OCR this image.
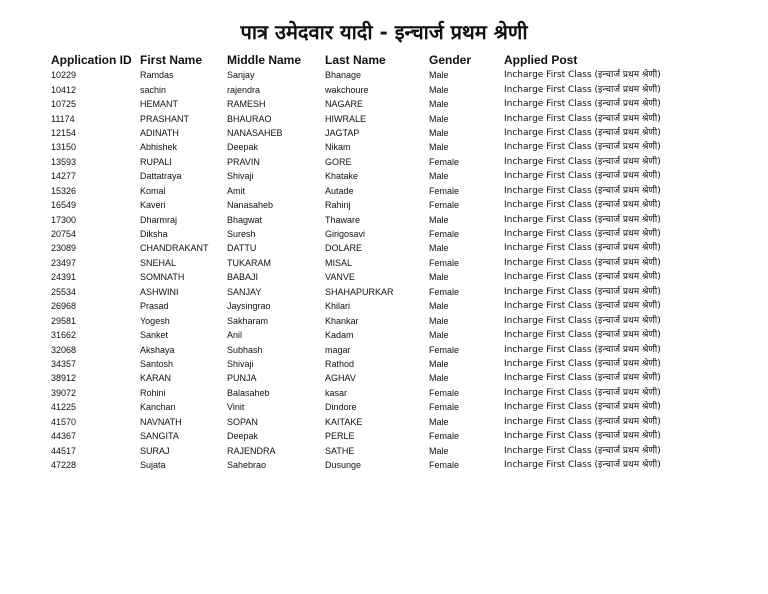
पात्र उमेदवार यादी - इन्चार्ज प्रथम श्रेणी
Application ID	First Name	Middle Name	Last Name	Gender	Applied Post
10229	Ramdas	Sanjay	Bhanage	Male	Incharge First Class (इन्चार्ज प्रथम श्रेणी)
10412	sachin	rajendra	wakchoure	Male	Incharge First Class (इन्चार्ज प्रथम श्रेणी)
10725	HEMANT	RAMESH	NAGARE	Male	Incharge First Class (इन्चार्ज प्रथम श्रेणी)
11174	PRASHANT	BHAURAO	HIWRALE	Male	Incharge First Class (इन्चार्ज प्रथम श्रेणी)
12154	ADINATH	NANASAHEB	JAGTAP	Male	Incharge First Class (इन्चार्ज प्रथम श्रेणी)
13150	Abhishek	Deepak	Nikam	Male	Incharge First Class (इन्चार्ज प्रथम श्रेणी)
13593	RUPALI	PRAVIN	GORE	Female	Incharge First Class (इन्चार्ज प्रथम श्रेणी)
14277	Dattatraya	Shivaji	Khatake	Male	Incharge First Class (इन्चार्ज प्रथम श्रेणी)
15326	Komal	Amit	Autade	Female	Incharge First Class (इन्चार्ज प्रथम श्रेणी)
16549	Kaveri	Nanasaheb	Rahinj	Female	Incharge First Class (इन्चार्ज प्रथम श्रेणी)
17300	Dharmraj	Bhagwat	Thaware	Male	Incharge First Class (इन्चार्ज प्रथम श्रेणी)
20754	Diksha	Suresh	Girigosavi	Female	Incharge First Class (इन्चार्ज प्रथम श्रेणी)
23089	CHANDRAKANT	DATTU	DOLARE	Male	Incharge First Class (इन्चार्ज प्रथम श्रेणी)
23497	SNEHAL	TUKARAM	MISAL	Female	Incharge First Class (इन्चार्ज प्रथम श्रेणी)
24391	SOMNATH	BABAJI	VANVE	Male	Incharge First Class (इन्चार्ज प्रथम श्रेणी)
25534	ASHWINI	SANJAY	SHAHAPURKAR	Female	Incharge First Class (इन्चार्ज प्रथम श्रेणी)
26968	Prasad	Jaysingrao	Khilari	Male	Incharge First Class (इन्चार्ज प्रथम श्रेणी)
29581	Yogesh	Sakharam	Khankar	Male	Incharge First Class (इन्चार्ज प्रथम श्रेणी)
31662	Sanket	Anil	Kadam	Male	Incharge First Class (इन्चार्ज प्रथम श्रेणी)
32068	Akshaya	Subhash	magar	Female	Incharge First Class (इन्चार्ज प्रथम श्रेणी)
34357	Santosh	Shivaji	Rathod	Male	Incharge First Class (इन्चार्ज प्रथम श्रेणी)
38912	KARAN	PUNJA	AGHAV	Male	Incharge First Class (इन्चार्ज प्रथम श्रेणी)
39072	Rohini	Balasaheb	kasar	Female	Incharge First Class (इन्चार्ज प्रथम श्रेणी)
41225	Kanchan	Vinit	Dindore	Female	Incharge First Class (इन्चार्ज प्रथम श्रेणी)
41570	NAVNATH	SOPAN	KAITAKE	Male	Incharge First Class (इन्चार्ज प्रथम श्रेणी)
44367	SANGITA	Deepak	PERLE	Female	Incharge First Class (इन्चार्ज प्रथम श्रेणी)
44517	SURAJ	RAJENDRA	SATHE	Male	Incharge First Class (इन्चार्ज प्रथम श्रेणी)
47228	Sujata	Sahebrao	Dusunge	Female	Incharge First Class (इन्चार्ज प्रथम श्रेणी)
